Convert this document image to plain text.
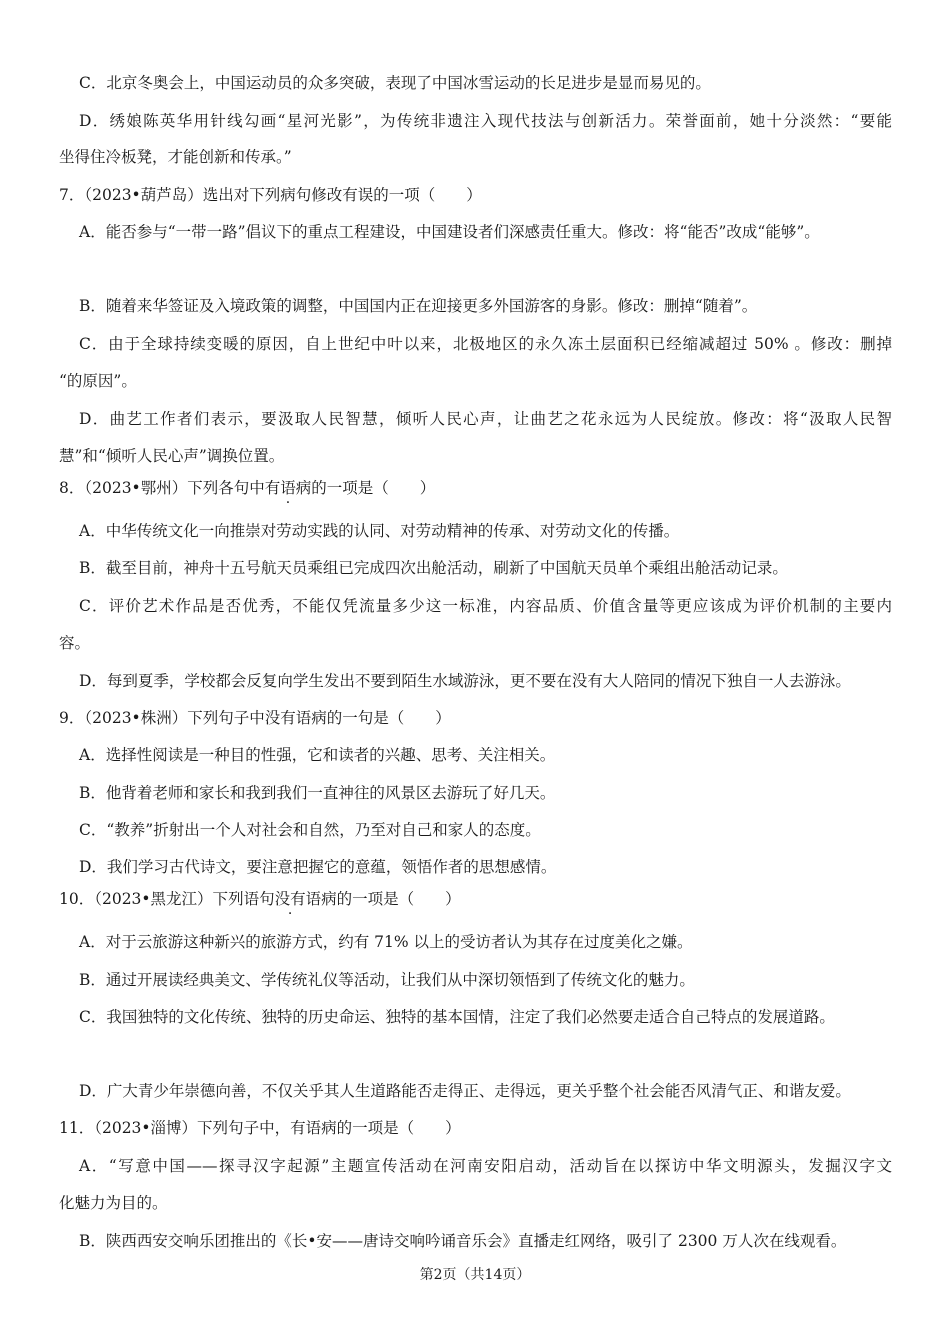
C．北京冬奥会上，中国运动员的众多突破，表现了中国冰雪运动的长足进步是显而易见的。
D．绣娘陈英华用针线勾画“星河光影”，为传统非遗注入现代技法与创新活力。荣誉面前，她十分淡然：“要能
坐得住冷板凳，才能创新和传承。”
7．（2023•葫芦岛）选出对下列病句修改有误的一项（　　）
A．能否参与“一带一路”倡议下的重点工程建设，中国建设者们深感责任重大。修改：将“能否”改成“能够”。
B．随着来华签证及入境政策的调整，中国国内正在迎接更多外国游客的身影。修改：删掉“随着”。
C．由于全球持续变暖的原因，自上世纪中叶以来，北极地区的永久冻土层面积已经缩减超过 50% 。修改：删掉
“的原因”。
D．曲艺工作者们表示，要汲取人民智慧，倾听人民心声，让曲艺之花永远为人民绽放。修改：将“汲取人民智
慧”和“倾听人民心声”调换位置。
8．（2023•鄂州）下列各句中有语病的一项是（　　）
A．中华传统文化一向推崇对劳动实践的认同、对劳动精神的传承、对劳动文化的传播。
B．截至目前，神舟十五号航天员乘组已完成四次出舱活动，刷新了中国航天员单个乘组出舱活动记录。
C．评价艺术作品是否优秀，不能仅凭流量多少这一标准，内容品质、价值含量等更应该成为评价机制的主要内
容。
D．每到夏季，学校都会反复向学生发出不要到陌生水域游泳，更不要在没有大人陪同的情况下独自一人去游泳。
9．（2023•株洲）下列句子中没有语病的一句是（　　）
A．选择性阅读是一种目的性强，它和读者的兴趣、思考、关注相关。
B．他背着老师和家长和我到我们一直神往的风景区去游玩了好几天。
C．“教养”折射出一个人对社会和自然，乃至对自己和家人的态度。
D．我们学习古代诗文，要注意把握它的意蕴，领悟作者的思想感情。
10．（2023•黑龙江）下列语句没有语病的一项是（　　）
A．对于云旅游这种新兴的旅游方式，约有 71% 以上的受访者认为其存在过度美化之嫌。
B．通过开展读经典美文、学传统礼仪等活动，让我们从中深切领悟到了传统文化的魅力。
C．我国独特的文化传统、独特的历史命运、独特的基本国情，注定了我们必然要走适合自己特点的发展道路。
D．广大青少年崇德向善，不仅关乎其人生道路能否走得正、走得远，更关乎整个社会能否风清气正、和谐友爱。
11．（2023•淄博）下列句子中，有语病的一项是（　　）
A．“写意中国——探寻汉字起源”主题宣传活动在河南安阳启动，活动旨在以探访中华文明源头，发掘汉字文
化魅力为目的。
B．陕西西安交响乐团推出的《长•安——唐诗交响吟诵音乐会》直播走红网络，吸引了 2300 万人次在线观看。
第2页（共14页）
